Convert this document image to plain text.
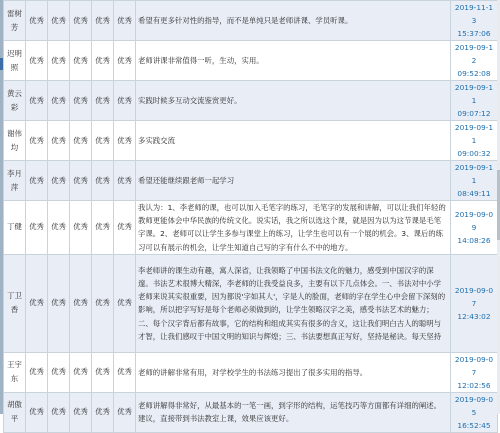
雷树芳	优秀	优秀	优秀	优秀	优秀	希望有更多针对性的指导，而不是单纯只是老师讲课、学员听课。	2019-11-13
15:37:06

迟明照	优秀	优秀	优秀	优秀	优秀	老师讲课非常值得一听，生动，实用。	2019-09-12
09:52:08

黄云彩	优秀	优秀	优秀	优秀	优秀	实践时候多互动交流鉴赏更好。	2019-09-11
09:07:12

谢伟均	优秀	优秀	优秀	优秀	优秀	多实践交流	2019-09-11
09:00:32

李月萍	优秀	优秀	优秀	优秀	优秀	希望还能继续跟老师一起学习	2019-09-11
08:49:11

丁健	优秀	优秀	优秀	优秀	优秀	我认为：1、李老师的课，也可以加入毛笔字的练习，毛笔字的发展和讲解，可以让我们年轻的教师更能体会中华民族的传统文化。说实话，我之所以选这个课，就是因为以为这节课是毛笔字课。2、老师可以让学生多参与课堂上的练习，让学生也可以有一个展的机会。3、课后的练习可以有展示的机会，让学生知道自己写的字有什么不中的地方。	2019-09-09
14:08:26

丁卫香	优秀	优秀	优秀	优秀	优秀	李老师讲的课生动有趣，寓人深省，让我领略了中国书法文化的魅力，感受到中国汉字的深邃。书法艺术很博大精深，李老师的让我受益良多，主要有以下几点体会。一、书法对中小学老师来说其实很重要，因为都说'字如其人'，字是人的脸面，老师的字在学生心中会留下深刻的影响，所以把字写好是每个老师必须做到的，让学生领略汉字之美，感受书法艺术的魅力；二、每个汉字背后都有故事，它的结构和组成其实有很多的含义，这让我们明白古人的聪明与才智，让我们感叹于中国文明的知识与辉煌；三、书法要想真正写好，坚持是秘诀。每天坚持	2019-09-07
12:43:02

王宇东	优秀	优秀	优秀	优秀	优秀	老师的讲解非常有用，对学校学生的书法练习提出了很多实用的指导。	2019-09-07
12:02:56

胡傲平	优秀	优秀	优秀	优秀	优秀	老师讲解得非常好，从最基本的一笔一画，到字形的结构，运笔技巧等方面都有详细的阐述。建议，直接带到书法教室上课，效果应该更好。	2019-09-05
16:52:45
